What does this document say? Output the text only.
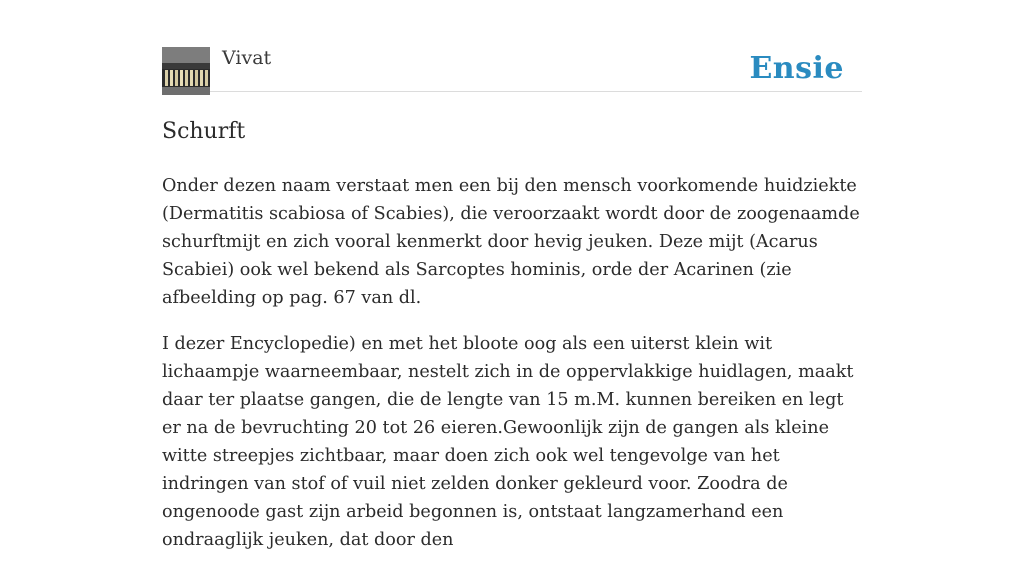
Vivat	Ensie
Schurft

Onder dezen naam verstaat men een bij den mensch voorkomende huidziekte (Dermatitis scabiosa of Scabies), die veroorzaakt wordt door de zoogenaamde schurftmijt en zich vooral kenmerkt door hevig jeuken. Deze mijt (Acarus Scabiei) ook wel bekend als Sarcoptes hominis, orde der Acarinen (zie afbeelding op pag. 67 van dl.

I dezer Encyclopedie) en met het bloote oog als een uiterst klein wit lichaampje waarneembaar, nestelt zich in de oppervlakkige huidlagen, maakt daar ter plaatse gangen, die de lengte van 15 m.M. kunnen bereiken en legt er na de bevruchting 20 tot 26 eieren.Gewoonlijk zijn de gangen als kleine witte streepjes zichtbaar, maar doen zich ook wel tengevolge van het indringen van stof of vuil niet zelden donker gekleurd voor. Zoodra de ongenoode gast zijn arbeid begonnen is, ontstaat langzamerhand een ondraaglijk jeuken, dat door den
